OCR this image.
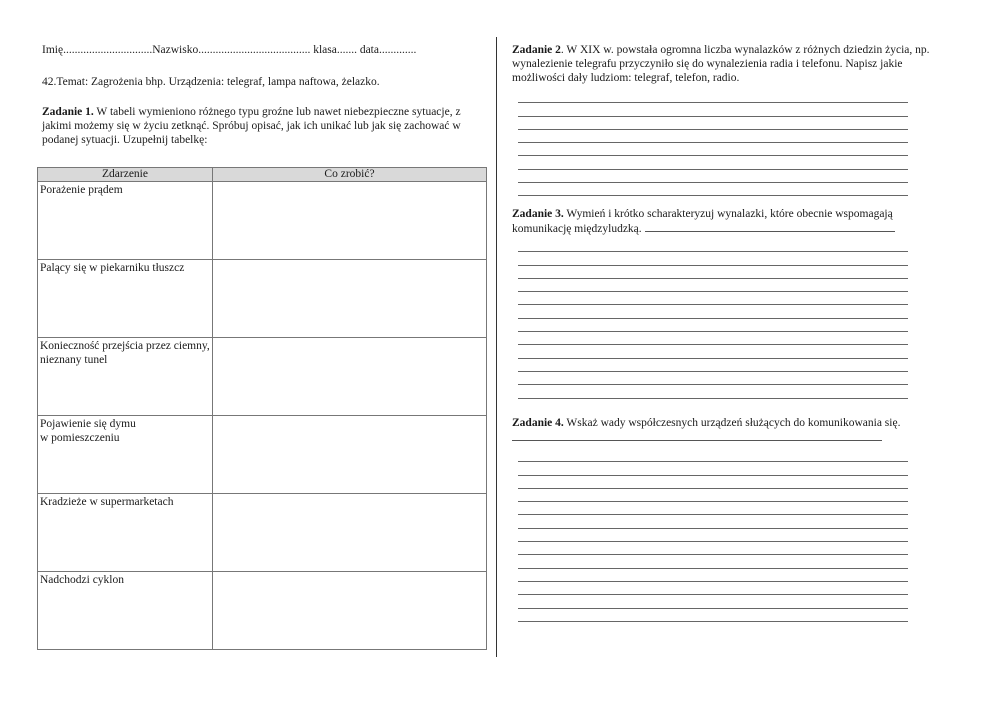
Imię...............................Nazwisko....................................... klasa....... data.............
42.Temat: Zagrożenia bhp. Urządzenia: telegraf, lampa naftowa, żelazko.
Zadanie 1. W tabeli wymieniono różnego typu groźne lub nawet niebezpieczne sytuacje, z jakimi możemy się w życiu zetknąć. Spróbuj opisać, jak ich unikać lub jak się zachować w podanej sytuacji. Uzupełnij tabelkę:
Zdarzenie	Co zrobić?
Porażenie prądem	
Palący się w piekarniku tłuszcz	
Konieczność przejścia przez ciemny, nieznany tunel	
Pojawienie się dymu
w pomieszczeniu	
Kradzieże w supermarketach	
Nadchodzi cyklon	
Zadanie 2. W XIX w. powstała ogromna liczba wynalazków z różnych dziedzin życia, np. wynalezienie telegrafu przyczyniło się do wynalezienia radia i telefonu. Napisz jakie możliwości dały ludziom: telegraf, telefon, radio.
Zadanie 3. Wymień i krótko scharakteryzuj wynalazki, które obecnie wspomagają komunikację międzyludzką.
Zadanie 4. Wskaż wady współczesnych urządzeń służących do komunikowania się.
